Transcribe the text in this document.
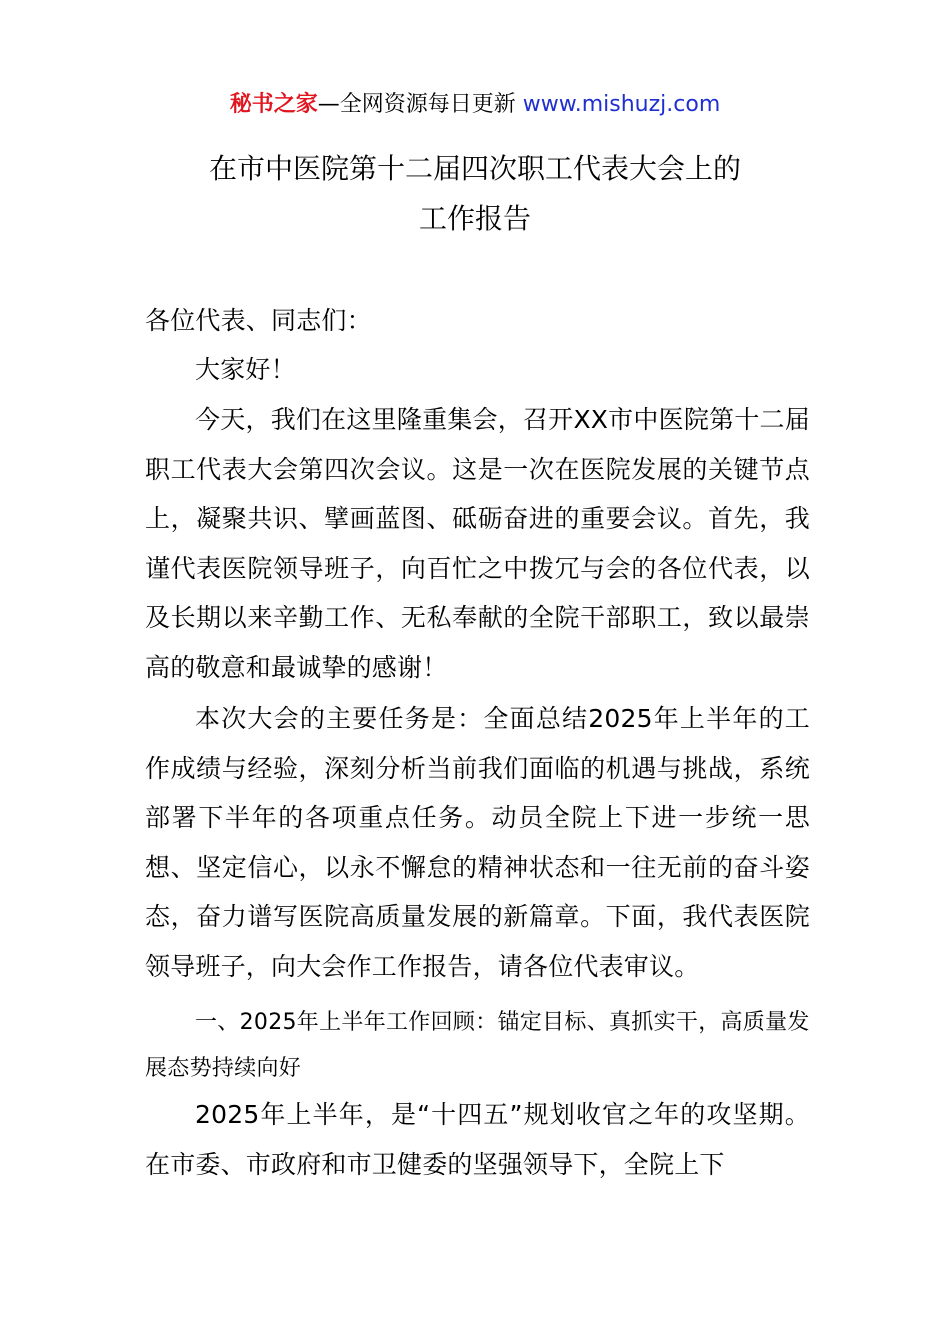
秘书之家—全网资源每日更新 www.mishuzj.com
在市中医院第十二届四次职工代表大会上的
工作报告
各位代表、同志们：
大家好！
今天，我们在这里隆重集会，召开XX市中医院第十二届职工代表大会第四次会议。这是一次在医院发展的关键节点上，凝聚共识、擘画蓝图、砥砺奋进的重要会议。首先，我谨代表医院领导班子，向百忙之中拨冗与会的各位代表，以及长期以来辛勤工作、无私奉献的全院干部职工，致以最崇高的敬意和最诚挚的感谢！
本次大会的主要任务是：全面总结2025年上半年的工作成绩与经验，深刻分析当前我们面临的机遇与挑战，系统部署下半年的各项重点任务。动员全院上下进一步统一思想、坚定信心，以永不懈怠的精神状态和一往无前的奋斗姿态，奋力谱写医院高质量发展的新篇章。下面，我代表医院领导班子，向大会作工作报告，请各位代表审议。
一、2025年上半年工作回顾：锚定目标、真抓实干，高质量发展态势持续向好
2025年上半年，是“十四五”规划收官之年的攻坚期。在市委、市政府和市卫健委的坚强领导下，全院上下
